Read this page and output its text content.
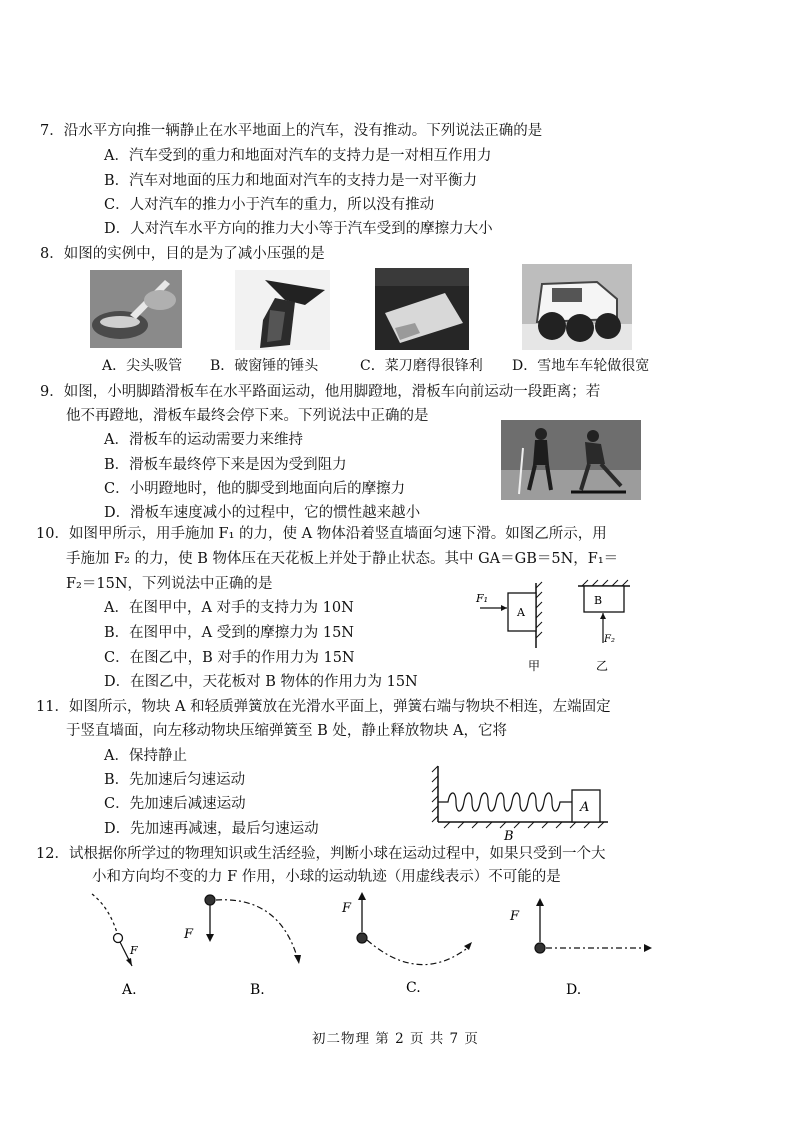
7．沿水平方向推一辆静止在水平地面上的汽车，没有推动。下列说法正确的是
A．汽车受到的重力和地面对汽车的支持力是一对相互作用力
B．汽车对地面的压力和地面对汽车的支持力是一对平衡力
C．人对汽车的推力小于汽车的重力，所以没有推动
D．人对汽车水平方向的推力大小等于汽车受到的摩擦力大小
8．如图的实例中，目的是为了减小压强的是
A．尖头吸管 B．破窗锤的锤头	C．菜刀磨得很锋利 D．雪地车车轮做很宽
9．如图，小明脚踏滑板车在水平路面运动，他用脚蹬地，滑板车向前运动一段距离；若
他不再蹬地，滑板车最终会停下来。下列说法中正确的是
A．滑板车的运动需要力来维持
B．滑板车最终停下来是因为受到阻力
C．小明蹬地时，他的脚受到地面向后的摩擦力
D．滑板车速度减小的过程中，它的惯性越来越小
10．如图甲所示，用手施加 F₁ 的力，使 A 物体沿着竖直墙面匀速下滑。如图乙所示，用
手施加 F₂ 的力，使 B 物体压在天花板上并处于静止状态。其中 GA＝GB＝5N，F₁＝
F₂＝15N，下列说法中正确的是
A．在图甲中，A 对手的支持力为 10N
B．在图甲中，A 受到的摩擦力为 15N
C．在图乙中，B 对手的作用力为 15N
D．在图乙中，天花板对 B 物体的作用力为 15N
A
F₁
甲
B
F₂
乙
11．如图所示，物块 A 和轻质弹簧放在光滑水平面上，弹簧右端与物块不相连，左端固定
于竖直墙面，向左移动物块压缩弹簧至 B 处，静止释放物块 A，它将
A．保持静止
B．先加速后匀速运动
C．先加速后减速运动
D．先加速再减速，最后匀速运动
A
B
12．试根据你所学过的物理知识或生活经验，判断小球在运动过程中，如果只受到一个大
小和方向均不变的力 F 作用，小球的运动轨迹（用虚线表示）不可能的是
F
A.
F
B.
F
C.
F
D.
初二物理 第 2 页 共 7 页
